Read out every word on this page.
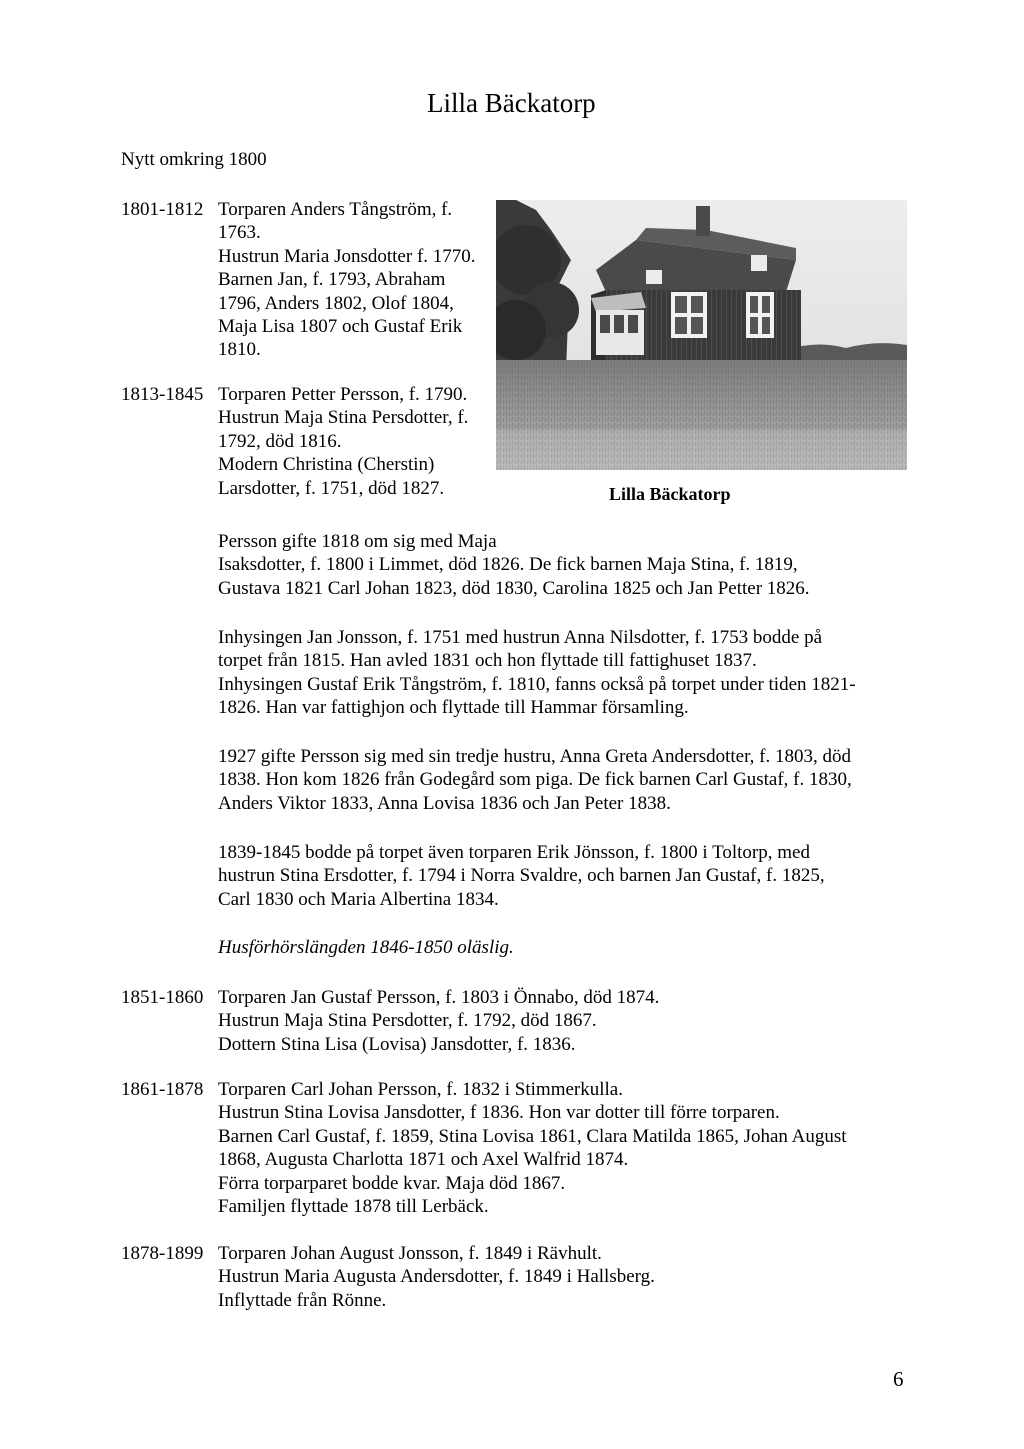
Lilla Bäckatorp
Nytt omkring 1800
1801-1812 Torparen Anders Tångström, f.
1763.
Hustrun Maria Jonsdotter f. 1770.
Barnen Jan, f. 1793, Abraham
1796, Anders 1802, Olof 1804,
Maja Lisa 1807 och Gustaf Erik
1810.
1813-1845 Torparen Petter Persson, f. 1790.
Hustrun Maja Stina Persdotter, f.
1792, död 1816.
Modern Christina (Cherstin)
Larsdotter, f. 1751, död 1827.	Lilla Bäckatorp
Persson gifte 1818 om sig med Maja
Isaksdotter, f. 1800 i Limmet, död 1826. De fick barnen Maja Stina, f. 1819,
Gustava 1821 Carl Johan 1823, död 1830, Carolina 1825 och Jan Petter 1826.
Inhysingen Jan Jonsson, f. 1751 med hustrun Anna Nilsdotter, f. 1753 bodde på
torpet från 1815. Han avled 1831 och hon flyttade till fattighuset 1837.
Inhysingen Gustaf Erik Tångström, f. 1810, fanns också på torpet under tiden 1821-
1826. Han var fattighjon och flyttade till Hammar församling.
1927 gifte Persson sig med sin tredje hustru, Anna Greta Andersdotter, f. 1803, död
1838. Hon kom 1826 från Godegård som piga. De fick barnen Carl Gustaf, f. 1830,
Anders Viktor 1833, Anna Lovisa 1836 och Jan Peter 1838.
1839-1845 bodde på torpet även torparen Erik Jönsson, f. 1800 i Toltorp, med
hustrun Stina Ersdotter, f. 1794 i Norra Svaldre, och barnen Jan Gustaf, f. 1825,
Carl 1830 och Maria Albertina 1834.
Husförhörslängden 1846-1850 oläslig.
1851-1860 Torparen Jan Gustaf Persson, f. 1803 i Önnabo, död 1874.
Hustrun Maja Stina Persdotter, f. 1792, död 1867.
Dottern Stina Lisa (Lovisa) Jansdotter, f. 1836.
1861-1878 Torparen Carl Johan Persson, f. 1832 i Stimmerkulla.
Hustrun Stina Lovisa Jansdotter, f 1836. Hon var dotter till förre torparen.
Barnen Carl Gustaf, f. 1859, Stina Lovisa 1861, Clara Matilda 1865, Johan August
1868, Augusta Charlotta 1871 och Axel Walfrid 1874.
Förra torparparet bodde kvar. Maja död 1867.
Familjen flyttade 1878 till Lerbäck.
1878-1899 Torparen Johan August Jonsson, f. 1849 i Rävhult.
Hustrun Maria Augusta Andersdotter, f. 1849 i Hallsberg.
Inflyttade från Rönne.
6
